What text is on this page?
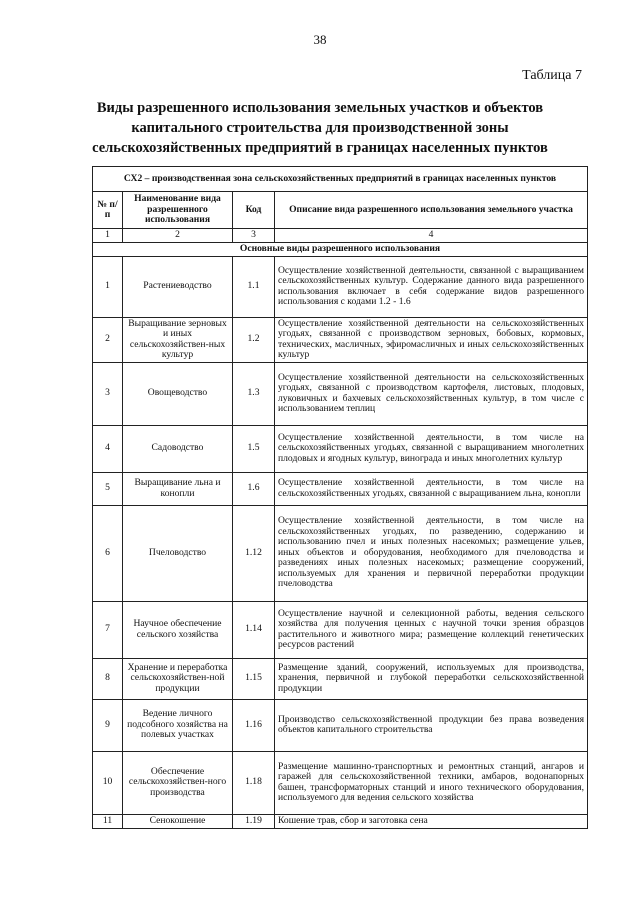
38
Таблица 7
Виды разрешенного использования земельных участков и объектов капитального строительства для производственной зоны сельскохозяйственных предприятий в границах населенных пунктов
СХ2 – производственная зона сельскохозяйственных предприятий в границах населенных пунктов			
№ п/п	Наименование вида разрешенного использования	Код	Описание вида разрешенного использования земельного участка
1	2	3	4
Основные виды разрешенного использования			
1	Растениеводство	1.1	Осуществление хозяйственной деятельности, связанной с выращиванием сельскохозяйственных культур. Содержание данного вида разрешенного использования включает в себя содержание видов разрешенного использования с кодами 1.2 - 1.6
2	Выращивание зерновых и иных сельскохозяйствен-ных культур	1.2	Осуществление хозяйственной деятельности на сельскохозяйственных угодьях, связанной с производством зерновых, бобовых, кормовых, технических, масличных, эфиромасличных и иных сельскохозяйственных культур
3	Овощеводство	1.3	Осуществление хозяйственной деятельности на сельскохозяйственных угодьях, связанной с производством картофеля, листовых, плодовых, луковичных и бахчевых сельскохозяйственных культур, в том числе с использованием теплиц
4	Садоводство	1.5	Осуществление хозяйственной деятельности, в том числе на сельскохозяйственных угодьях, связанной с выращиванием многолетних плодовых и ягодных культур, винограда и иных многолетних культур
5	Выращивание льна и конопли	1.6	Осуществление хозяйственной деятельности, в том числе на сельскохозяйственных угодьях, связанной с выращиванием льна, конопли
6	Пчеловодство	1.12	Осуществление хозяйственной деятельности, в том числе на сельскохозяйственных угодьях, по разведению, содержанию и использованию пчел и иных полезных насекомых; размещение ульев, иных объектов и оборудования, необходимого для пчеловодства и разведениях иных полезных насекомых; размещение сооружений, используемых для хранения и первичной переработки продукции пчеловодства
7	Научное обеспечение сельского хозяйства	1.14	Осуществление научной и селекционной работы, ведения сельского хозяйства для получения ценных с научной точки зрения образцов растительного и животного мира; размещение коллекций генетических ресурсов растений
8	Хранение и переработка сельскохозяйствен-ной продукции	1.15	Размещение зданий, сооружений, используемых для производства, хранения, первичной и глубокой переработки сельскохозяйственной продукции
9	Ведение личного подсобного хозяйства на полевых участках	1.16	Производство сельскохозяйственной продукции без права возведения объектов капитального строительства
10	Обеспечение сельскохозяйствен-ного производства	1.18	Размещение машинно-транспортных и ремонтных станций, ангаров и гаражей для сельскохозяйственной техники, амбаров, водонапорных башен, трансформаторных станций и иного технического оборудования, используемого для ведения сельского хозяйства
11	Сенокошение	1.19	Кошение трав, сбор и заготовка сена
